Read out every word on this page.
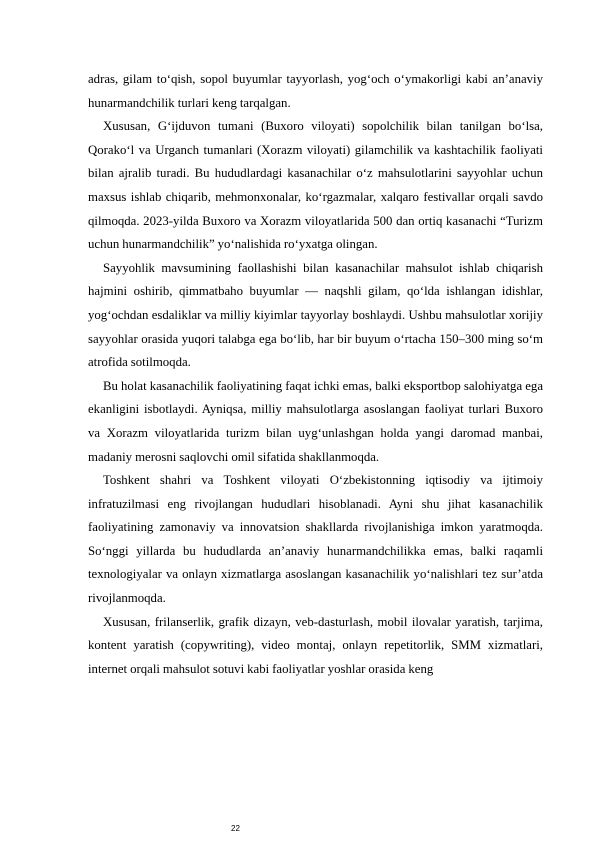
adras, gilam to‘qish, sopol buyumlar tayyorlash, yog‘och o‘ymakorligi kabi an’anaviy hunarmandchilik turlari keng tarqalgan.

Xususan, G‘ijduvon tumani (Buxoro viloyati) sopolchilik bilan tanilgan bo‘lsa, Qorako‘l va Urganch tumanlari (Xorazm viloyati) gilamchilik va kashtachilik faoliyati bilan ajralib turadi. Bu hududlardagi kasanachilar o‘z mahsulotlarini sayyohlar uchun maxsus ishlab chiqarib, mehmonxonalar, ko‘rgazmalar, xalqaro festivallar orqali savdo qilmoqda. 2023-yilda Buxoro va Xorazm viloyatlarida 500 dan ortiq kasanachi “Turizm uchun hunarmandchilik” yo‘nalishida ro‘yxatga olingan.

Sayyohlik mavsumining faollashishi bilan kasanachilar mahsulot ishlab chiqarish hajmini oshirib, qimmatbaho buyumlar — naqshli gilam, qo‘lda ishlangan idishlar, yog‘ochdan esdaliklar va milliy kiyimlar tayyorlay boshlaydi. Ushbu mahsulotlar xorijiy sayyohlar orasida yuqori talabga ega bo‘lib, har bir buyum o‘rtacha 150–300 ming so‘m atrofida sotilmoqda.

Bu holat kasanachilik faoliyatining faqat ichki emas, balki eksportbop salohiyatga ega ekanligini isbotlaydi. Ayniqsa, milliy mahsulotlarga asoslangan faoliyat turlari Buxoro va Xorazm viloyatlarida turizm bilan uyg‘unlashgan holda yangi daromad manbai, madaniy merosni saqlovchi omil sifatida shakllanmoqda.

Toshkent shahri va Toshkent viloyati O‘zbekistonning iqtisodiy va ijtimoiy infratuzilmasi eng rivojlangan hududlari hisoblanadi. Ayni shu jihat kasanachilik faoliyatining zamonaviy va innovatsion shakllarda rivojlanishiga imkon yaratmoqda. So‘nggi yillarda bu hududlarda an’anaviy hunarmandchilikka emas, balki raqamli texnologiyalar va onlayn xizmatlarga asoslangan kasanachilik yo‘nalishlari tez sur’atda rivojlanmoqda.

Xususan, frilanserlik, grafik dizayn, veb-dasturlash, mobil ilovalar yaratish, tarjima, kontent yaratish (copywriting), video montaj, onlayn repetitorlik, SMM xizmatlari, internet orqali mahsulot sotuvi kabi faoliyatlar yoshlar orasida keng

22
